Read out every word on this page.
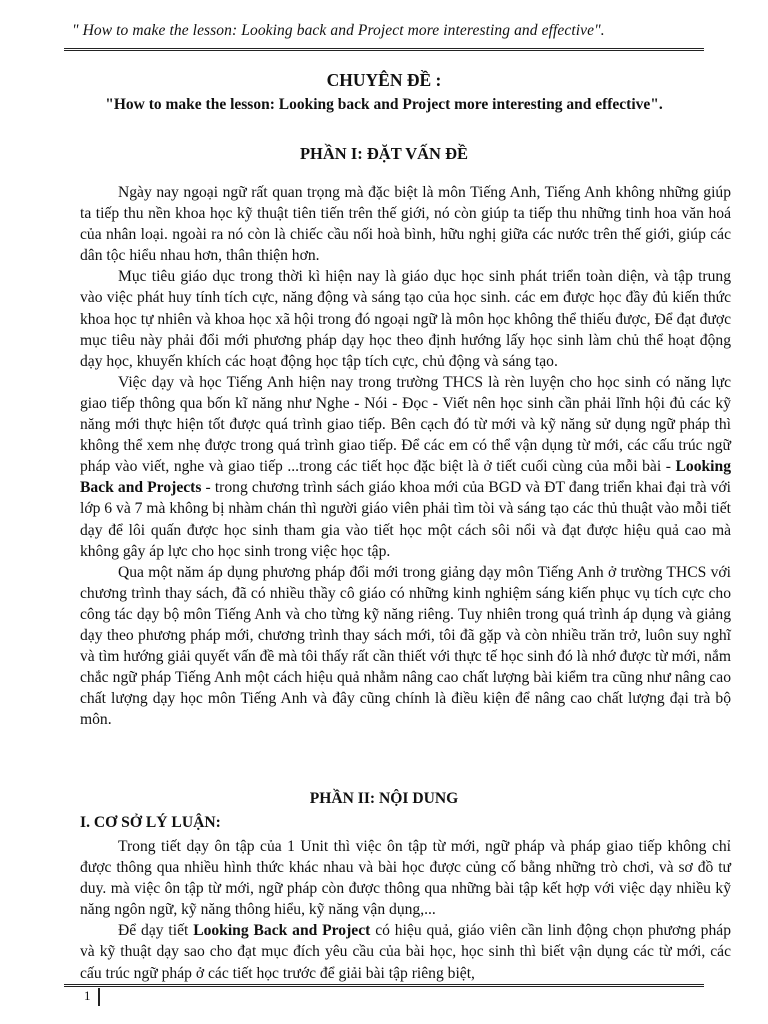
" How to make the lesson: Looking back and Project more interesting and effective".
CHUYÊN ĐỀ :
"How to make the lesson: Looking back and Project more interesting and effective".
PHẦN I: ĐẶT VẤN ĐỀ

Ngày nay ngoại ngữ rất quan trọng mà đặc biệt là môn Tiếng Anh, Tiếng Anh không những giúp ta tiếp thu nền khoa học kỹ thuật tiên tiến trên thế giới, nó còn giúp ta tiếp thu những tinh hoa văn hoá của nhân loại. ngoài ra nó còn là chiếc cầu nối hoà bình, hữu nghị giữa các nước trên thế giới, giúp các dân tộc hiểu nhau hơn, thân thiện hơn.

Mục tiêu giáo dục trong thời kì hiện nay là giáo dục học sinh phát triển toàn diện, và tập trung vào việc phát huy tính tích cực, năng động và sáng tạo của học sinh. các em được học đầy đủ kiến thức khoa học tự nhiên và khoa học xã hội trong đó ngoại ngữ là môn học không thể thiếu được, Để đạt được mục tiêu này phải đổi mới phương pháp dạy học theo định hướng lấy học sinh làm chủ thể hoạt động dạy học, khuyến khích các hoạt động học tập tích cực, chủ động và sáng tạo.

Việc dạy và học Tiếng Anh hiện nay trong trường THCS là rèn luyện cho học sinh có năng lực giao tiếp thông qua bốn kĩ năng như Nghe - Nói - Đọc - Viết nên học sinh cần phải lĩnh hội đủ các kỹ năng mới thực hiện tốt được quá trình giao tiếp. Bên cạch đó từ mới và kỹ năng sử dụng ngữ pháp thì không thể xem nhẹ được trong quá trình giao tiếp. Để các em có thể vận dụng từ mới, các cấu trúc ngữ pháp vào viết, nghe và giao tiếp ...trong các tiết học đặc biệt là ở tiết cuối cùng của mỗi bài - Looking Back and Projects - trong chương trình sách giáo khoa mới của BGD và ĐT đang triển khai đại trà với lớp 6 và 7 mà không bị nhàm chán thì người giáo viên phải tìm tòi và sáng tạo các thủ thuật vào mỗi tiết dạy để lôi quấn được học sinh tham gia vào tiết học một cách sôi nổi và đạt được hiệu quả cao mà không gây áp lực cho học sinh trong việc học tập.

Qua một năm áp dụng phương pháp đổi mới trong giảng dạy môn Tiếng Anh ở trường THCS với chương trình thay sách, đã có nhiều thầy cô giáo có những kinh nghiệm sáng kiến phục vụ tích cực cho công tác dạy bộ môn Tiếng Anh và cho từng kỹ năng riêng. Tuy nhiên trong quá trình áp dụng và giảng dạy theo phương pháp mới, chương trình thay sách mới, tôi đã gặp và còn nhiều trăn trở, luôn suy nghĩ và tìm hướng giải quyết vấn đề mà tôi thấy rất cần thiết với thực tế học sinh đó là nhớ được từ mới, nắm chắc ngữ pháp Tiếng Anh một cách hiệu quả nhằm nâng cao chất lượng bài kiểm tra cũng như nâng cao chất lượng dạy học môn Tiếng Anh và đây cũng chính là điều kiện để nâng cao chất lượng đại trà bộ môn.

PHẦN II: NỘI DUNG
I. CƠ SỞ LÝ LUẬN:

Trong tiết dạy ôn tập của 1 Unit thì việc ôn tập từ mới, ngữ pháp và pháp giao tiếp không chỉ được thông qua nhiều hình thức khác nhau và bài học được củng cố bằng những trò chơi, và sơ đồ tư duy. mà việc ôn tập từ mới, ngữ pháp còn được thông qua những bài tập kết hợp với việc dạy nhiều kỹ năng ngôn ngữ, kỹ năng thông hiểu, kỹ năng vận dụng,...

Để dạy tiết Looking Back and Project có hiệu quả, giáo viên cần linh động chọn phương pháp và kỹ thuật dạy sao cho đạt mục đích yêu cầu của bài học, học sinh thì biết vận dụng các từ mới, các cấu trúc ngữ pháp ở các tiết học trước để giải bài tập riêng biệt,

1
